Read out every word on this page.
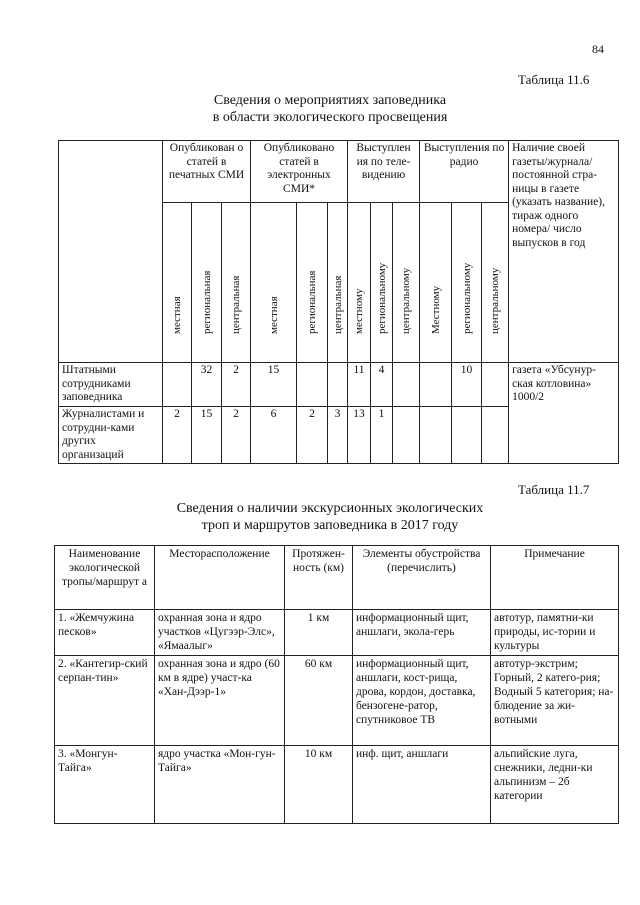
84
Таблица 11.6
Сведения о мероприятиях заповедника
в области экологического просвещения
	Опубликован о статей в печатных СМИ			Опубликовано статей в электронных СМИ*			Выступлен ия по теле-видению			Выступления по радио			Наличие своей газеты/журнала/постоянной стра-ницы в газете (указать название), тираж одного номера/ число выпусков в год

	местная	региональная	центральная	местная	региональная	центральная	местному	региональному	центральному	Местному	региональному	центральному	

Штатными сотрудниками заповедника		32	2	15			11	4			10		газета «Убсунур-ская котловина» 1000/2
Журналистами и сотрудни-ками других организаций	2	15	2	6	2	3	13	1					
Таблица 11.7
Сведения о наличии экскурсионных экологических
троп и маршрутов заповедника в 2017 году
Наименование экологической тропы/маршрут а	Месторасположение	Протяжен-ность (км)	Элементы обустройства (перечислить)	Примечание
1. «Жемчужина песков»	охранная зона и ядро участков «Цугээр-Элс», «Ямаалыг»	1 км	информационный щит, аншлаги, экола-герь	автотур, памятни-ки природы, ис-тории и культуры
2. «Кантегир-ский серпан-тин»	охранная зона и ядро (60 км в ядре) участ-ка «Хан-Дээр-1»	60 км	информационный щит, аншлаги, кост-рища, дрова, кордон, доставка, бензогене-ратор, спутниковое ТВ	автотур-экстрим; Горный, 2 катего-рия; Водный 5 категория; на-блюдение за жи-вотными
3. «Монгун-Тайга»	ядро участка «Мон-гун-Тайга»	10 км	инф. щит, аншлаги	альпийские луга, снежники, ледни-ки альпинизм – 2б категории
